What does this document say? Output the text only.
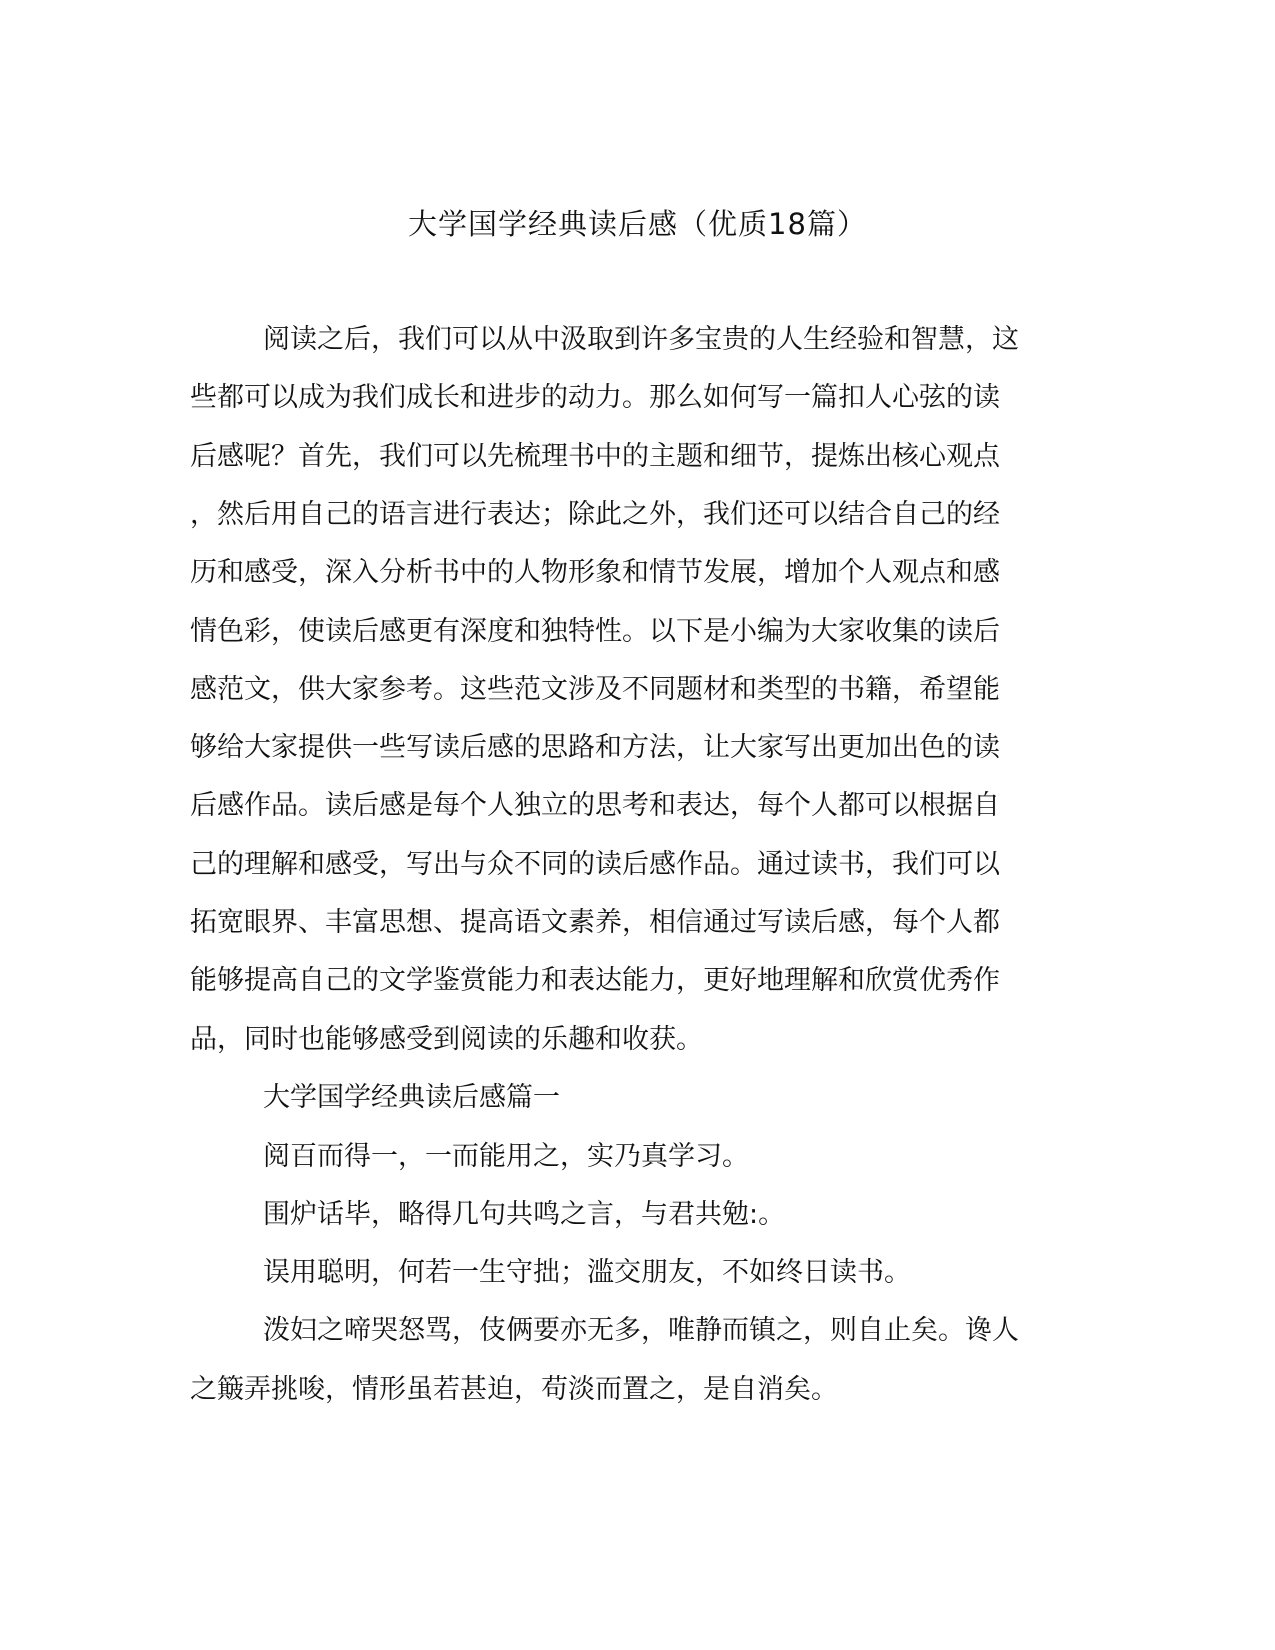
大学国学经典读后感（优质18篇）

阅读之后，我们可以从中汲取到许多宝贵的人生经验和智慧，这

些都可以成为我们成长和进步的动力。那么如何写一篇扣人心弦的读

后感呢？首先，我们可以先梳理书中的主题和细节，提炼出核心观点

，然后用自己的语言进行表达；除此之外，我们还可以结合自己的经

历和感受，深入分析书中的人物形象和情节发展，增加个人观点和感

情色彩，使读后感更有深度和独特性。以下是小编为大家收集的读后

感范文，供大家参考。这些范文涉及不同题材和类型的书籍，希望能

够给大家提供一些写读后感的思路和方法，让大家写出更加出色的读

后感作品。读后感是每个人独立的思考和表达，每个人都可以根据自

己的理解和感受，写出与众不同的读后感作品。通过读书，我们可以

拓宽眼界、丰富思想、提高语文素养，相信通过写读后感，每个人都

能够提高自己的文学鉴赏能力和表达能力，更好地理解和欣赏优秀作

品，同时也能够感受到阅读的乐趣和收获。

大学国学经典读后感篇一

阅百而得一，一而能用之，实乃真学习。

围炉话毕，略得几句共鸣之言，与君共勉:。

误用聪明，何若一生守拙；滥交朋友，不如终日读书。

泼妇之啼哭怒骂，伎俩要亦无多，唯静而镇之，则自止矣。谗人

之簸弄挑唆，情形虽若甚迫，苟淡而置之，是自消矣。
